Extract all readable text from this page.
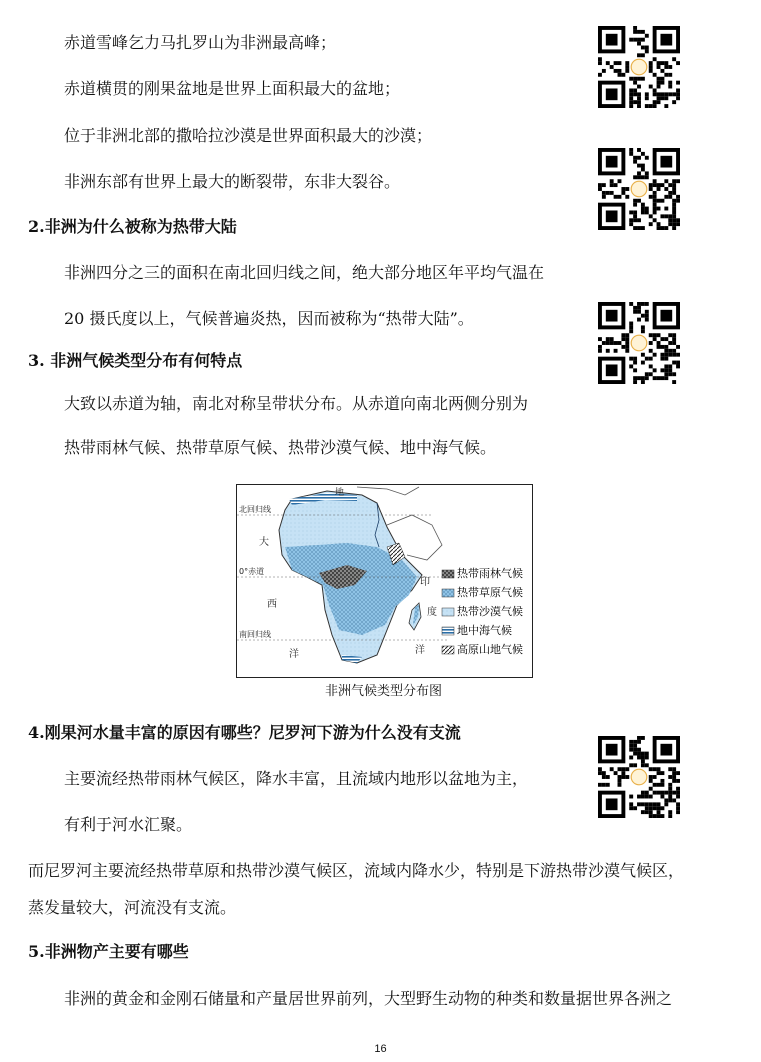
赤道雪峰乞力马扎罗山为非洲最高峰；
赤道横贯的刚果盆地是世界上面积最大的盆地；
位于非洲北部的撒哈拉沙漠是世界面积最大的沙漠；
非洲东部有世界上最大的断裂带，东非大裂谷。
2.非洲为什么被称为热带大陆
非洲四分之三的面积在南北回归线之间，绝大部分地区年平均气温在
20 摄氏度以上，气候普遍炎热，因而被称为“热带大陆”。
3. 非洲气候类型分布有何特点
大致以赤道为轴，南北对称呈带状分布。从赤道向南北两侧分别为
热带雨林气候、热带草原气候、热带沙漠气候、地中海气候。
4.刚果河水量丰富的原因有哪些？尼罗河下游为什么没有支流
主要流经热带雨林气候区，降水丰富，且流域内地形以盆地为主，
有利于河水汇聚。
而尼罗河主要流经热带草原和热带沙漠气候区，流域内降水少，特别是下游热带沙漠气候区，
蒸发量较大，河流没有支流。
5.非洲物产主要有哪些
非洲的黄金和金刚石储量和产量居世界前列，大型野生动物的种类和数量据世界各洲之
北回归线
0°赤道
南回归线
大
西
洋
地
印
度
洋
热带雨林气候
热带草原气候
热带沙漠气候
地中海气候
高原山地气候
非洲气候类型分布图
16
